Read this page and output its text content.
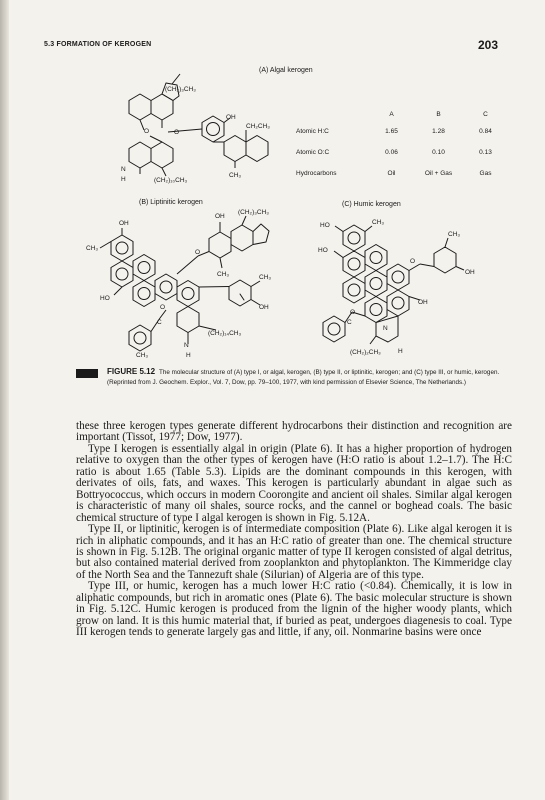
5.3 FORMATION OF KEROGEN	203
(A) Algal kerogen
(B) Liptinitic kerogen	(C) Humic kerogen
	A	B	C
Atomic H:C	1.65	1.28	0.84
Atomic O:C	0.06	0.10	0.13
Hydrocarbons	Oil	Oil + Gas	Gas
(CH₂)₃CH₃
OH
O	O
CH₂CH₃
N
H	(CH₂)₁₀CH₃
CH₃
OH
(CH₂)₃CH₃
OH
CH₃
O
CH₃	CH₃
HO
OH
O
C
N
(CH₂)₁₄CH₃
CH₃	H
HO	CH₃
HO
CH₃
O
OH
O
C
OH
N
(CH₂)₂CH₃	H
FIGURE 5.12 The molecular structure of (A) type I, or algal, kerogen, (B) type II, or liptinitic, kerogen; and (C) type III, or humic, kerogen. (Reprinted from J. Geochem. Explor., Vol. 7, Dow, pp. 79–100, 1977, with kind permission of Elsevier Science, The Netherlands.)

these three kerogen types generate different hydrocarbons their distinction and recognition are important (Tissot, 1977; Dow, 1977).

Type I kerogen is essentially algal in origin (Plate 6). It has a higher proportion of hydrogen relative to oxygen than the other types of kerogen have (H:O ratio is about 1.2–1.7). The H:C ratio is about 1.65 (Table 5.3). Lipids are the dominant compounds in this kerogen, with derivates of oils, fats, and waxes. This kerogen is particularly abundant in algae such as Bottryococcus, which occurs in modern Coorongite and ancient oil shales. Similar algal kerogen is characteristic of many oil shales, source rocks, and the cannel or boghead coals. The basic chemical structure of type I algal kerogen is shown in Fig. 5.12A.

Type II, or liptinitic, kerogen is of intermediate composition (Plate 6). Like algal kerogen it is rich in aliphatic compounds, and it has an H:C ratio of greater than one. The chemical structure is shown in Fig. 5.12B. The original organic matter of type II kerogen consisted of algal detritus, but also contained material derived from zooplankton and phytoplankton. The Kimmeridge clay of the North Sea and the Tannezuft shale (Silurian) of Algeria are of this type.

Type III, or humic, kerogen has a much lower H:C ratio (<0.84). Chemically, it is low in aliphatic compounds, but rich in aromatic ones (Plate 6). The basic molecular structure is shown in Fig. 5.12C. Humic kerogen is produced from the lignin of the higher woody plants, which grow on land. It is this humic material that, if buried as peat, undergoes diagenesis to coal. Type III kerogen tends to generate largely gas and little, if any, oil. Nonmarine basins were once
